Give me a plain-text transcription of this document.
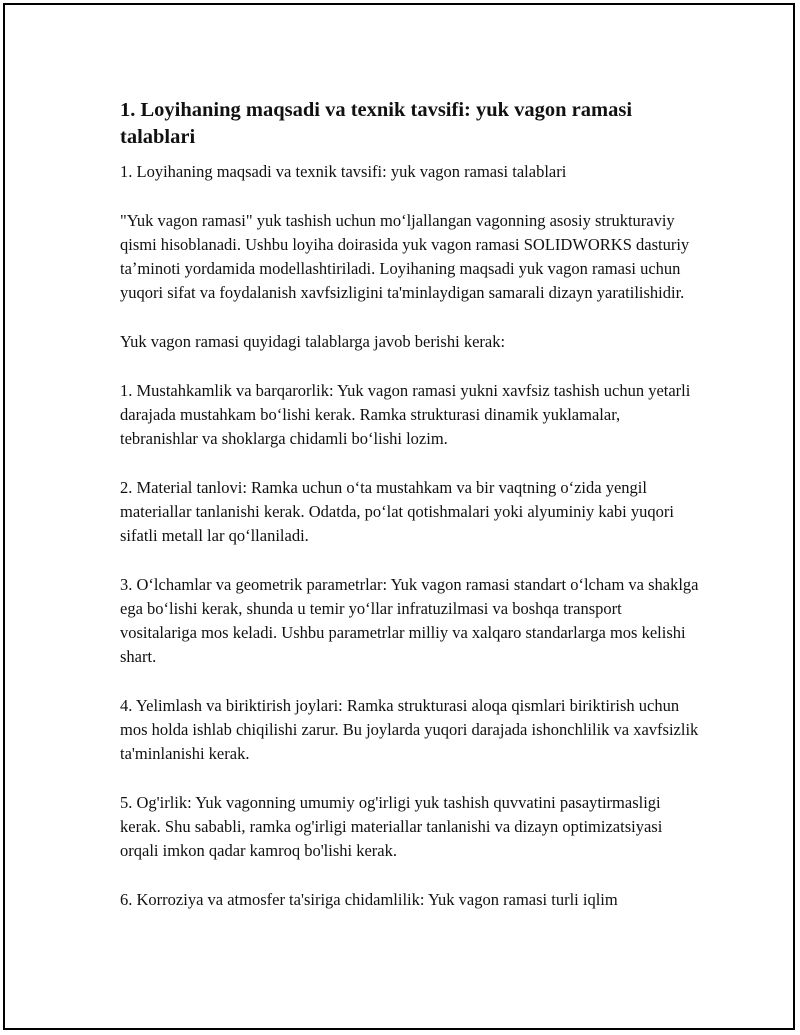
1. Loyihaning maqsadi va texnik tavsifi: yuk vagon ramasi talablari

1. Loyihaning maqsadi va texnik tavsifi: yuk vagon ramasi talablari

"Yuk vagon ramasi" yuk tashish uchun moʻljallangan vagonning asosiy strukturaviy qismi hisoblanadi. Ushbu loyiha doirasida yuk vagon ramasi SOLIDWORKS dasturiy taʼminoti yordamida modellashtiriladi. Loyihaning maqsadi yuk vagon ramasi uchun yuqori sifat va foydalanish xavfsizligini ta'minlaydigan samarali dizayn yaratilishidir.

Yuk vagon ramasi quyidagi talablarga javob berishi kerak:

1. Mustahkamlik va barqarorlik: Yuk vagon ramasi yukni xavfsiz tashish uchun yetarli darajada mustahkam boʻlishi kerak. Ramka strukturasi dinamik yuklamalar, tebranishlar va shoklarga chidamli boʻlishi lozim.

2. Material tanlovi: Ramka uchun oʻta mustahkam va bir vaqtning oʻzida yengil materiallar tanlanishi kerak. Odatda, poʻlat qotishmalari yoki alyuminiy kabi yuqori sifatli metall lar qoʻllaniladi.

3. Oʻlchamlar va geometrik parametrlar: Yuk vagon ramasi standart oʻlcham va shaklga ega boʻlishi kerak, shunda u temir yoʻllar infratuzilmasi va boshqa transport vositalariga mos keladi. Ushbu parametrlar milliy va xalqaro standarlarga mos kelishi shart.

4. Yelimlash va biriktirish joylari: Ramka strukturasi aloqa qismlari biriktirish uchun mos holda ishlab chiqilishi zarur. Bu joylarda yuqori darajada ishonchlilik va xavfsizlik ta'minlanishi kerak.

5. Og'irlik: Yuk vagonning umumiy og'irligi yuk tashish quvvatini pasaytirmasligi kerak. Shu sababli, ramka og'irligi materiallar tanlanishi va dizayn optimizatsiyasi orqali imkon qadar kamroq bo'lishi kerak.

6. Korroziya va atmosfer ta'siriga chidamlilik: Yuk vagon ramasi turli iqlim
